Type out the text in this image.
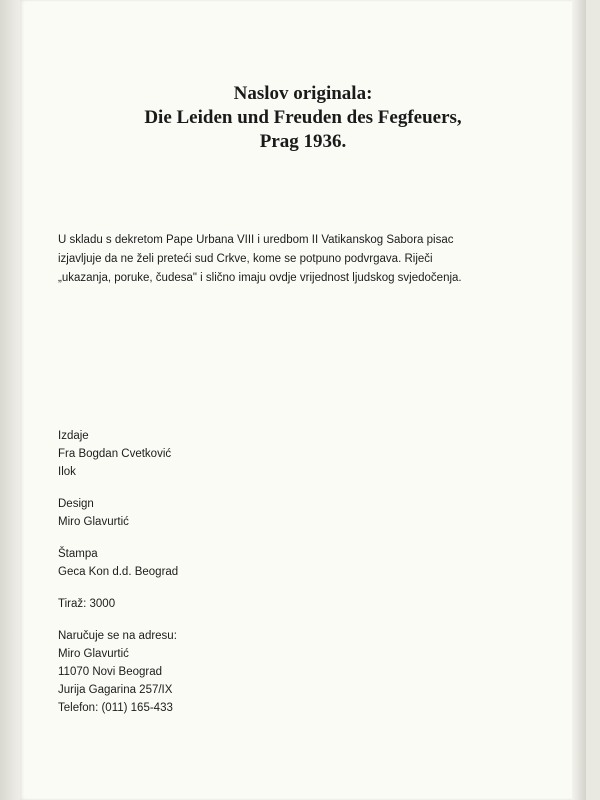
Naslov originala:
Die Leiden und Freuden des Fegfeuers,
Prag 1936.
U skladu s dekretom Pape Urbana VIII i uredbom II Vatikanskog Sabora pisac
izjavljuje da ne želi preteći sud Crkve, kome se potpuno podvrgava. Riječi
„ukazanja, poruke, čudesa" i slično imaju ovdje vrijednost ljudskog svjedočenja.
Izdaje
Fra Bogdan Cvetković
Ilok
Design
Miro Glavurtić
Štampa
Geca Kon d.d. Beograd
Tiraž: 3000
Naručuje se na adresu:
Miro Glavurtić
11070 Novi Beograd
Jurija Gagarina 257/IX
Telefon: (011) 165-433
